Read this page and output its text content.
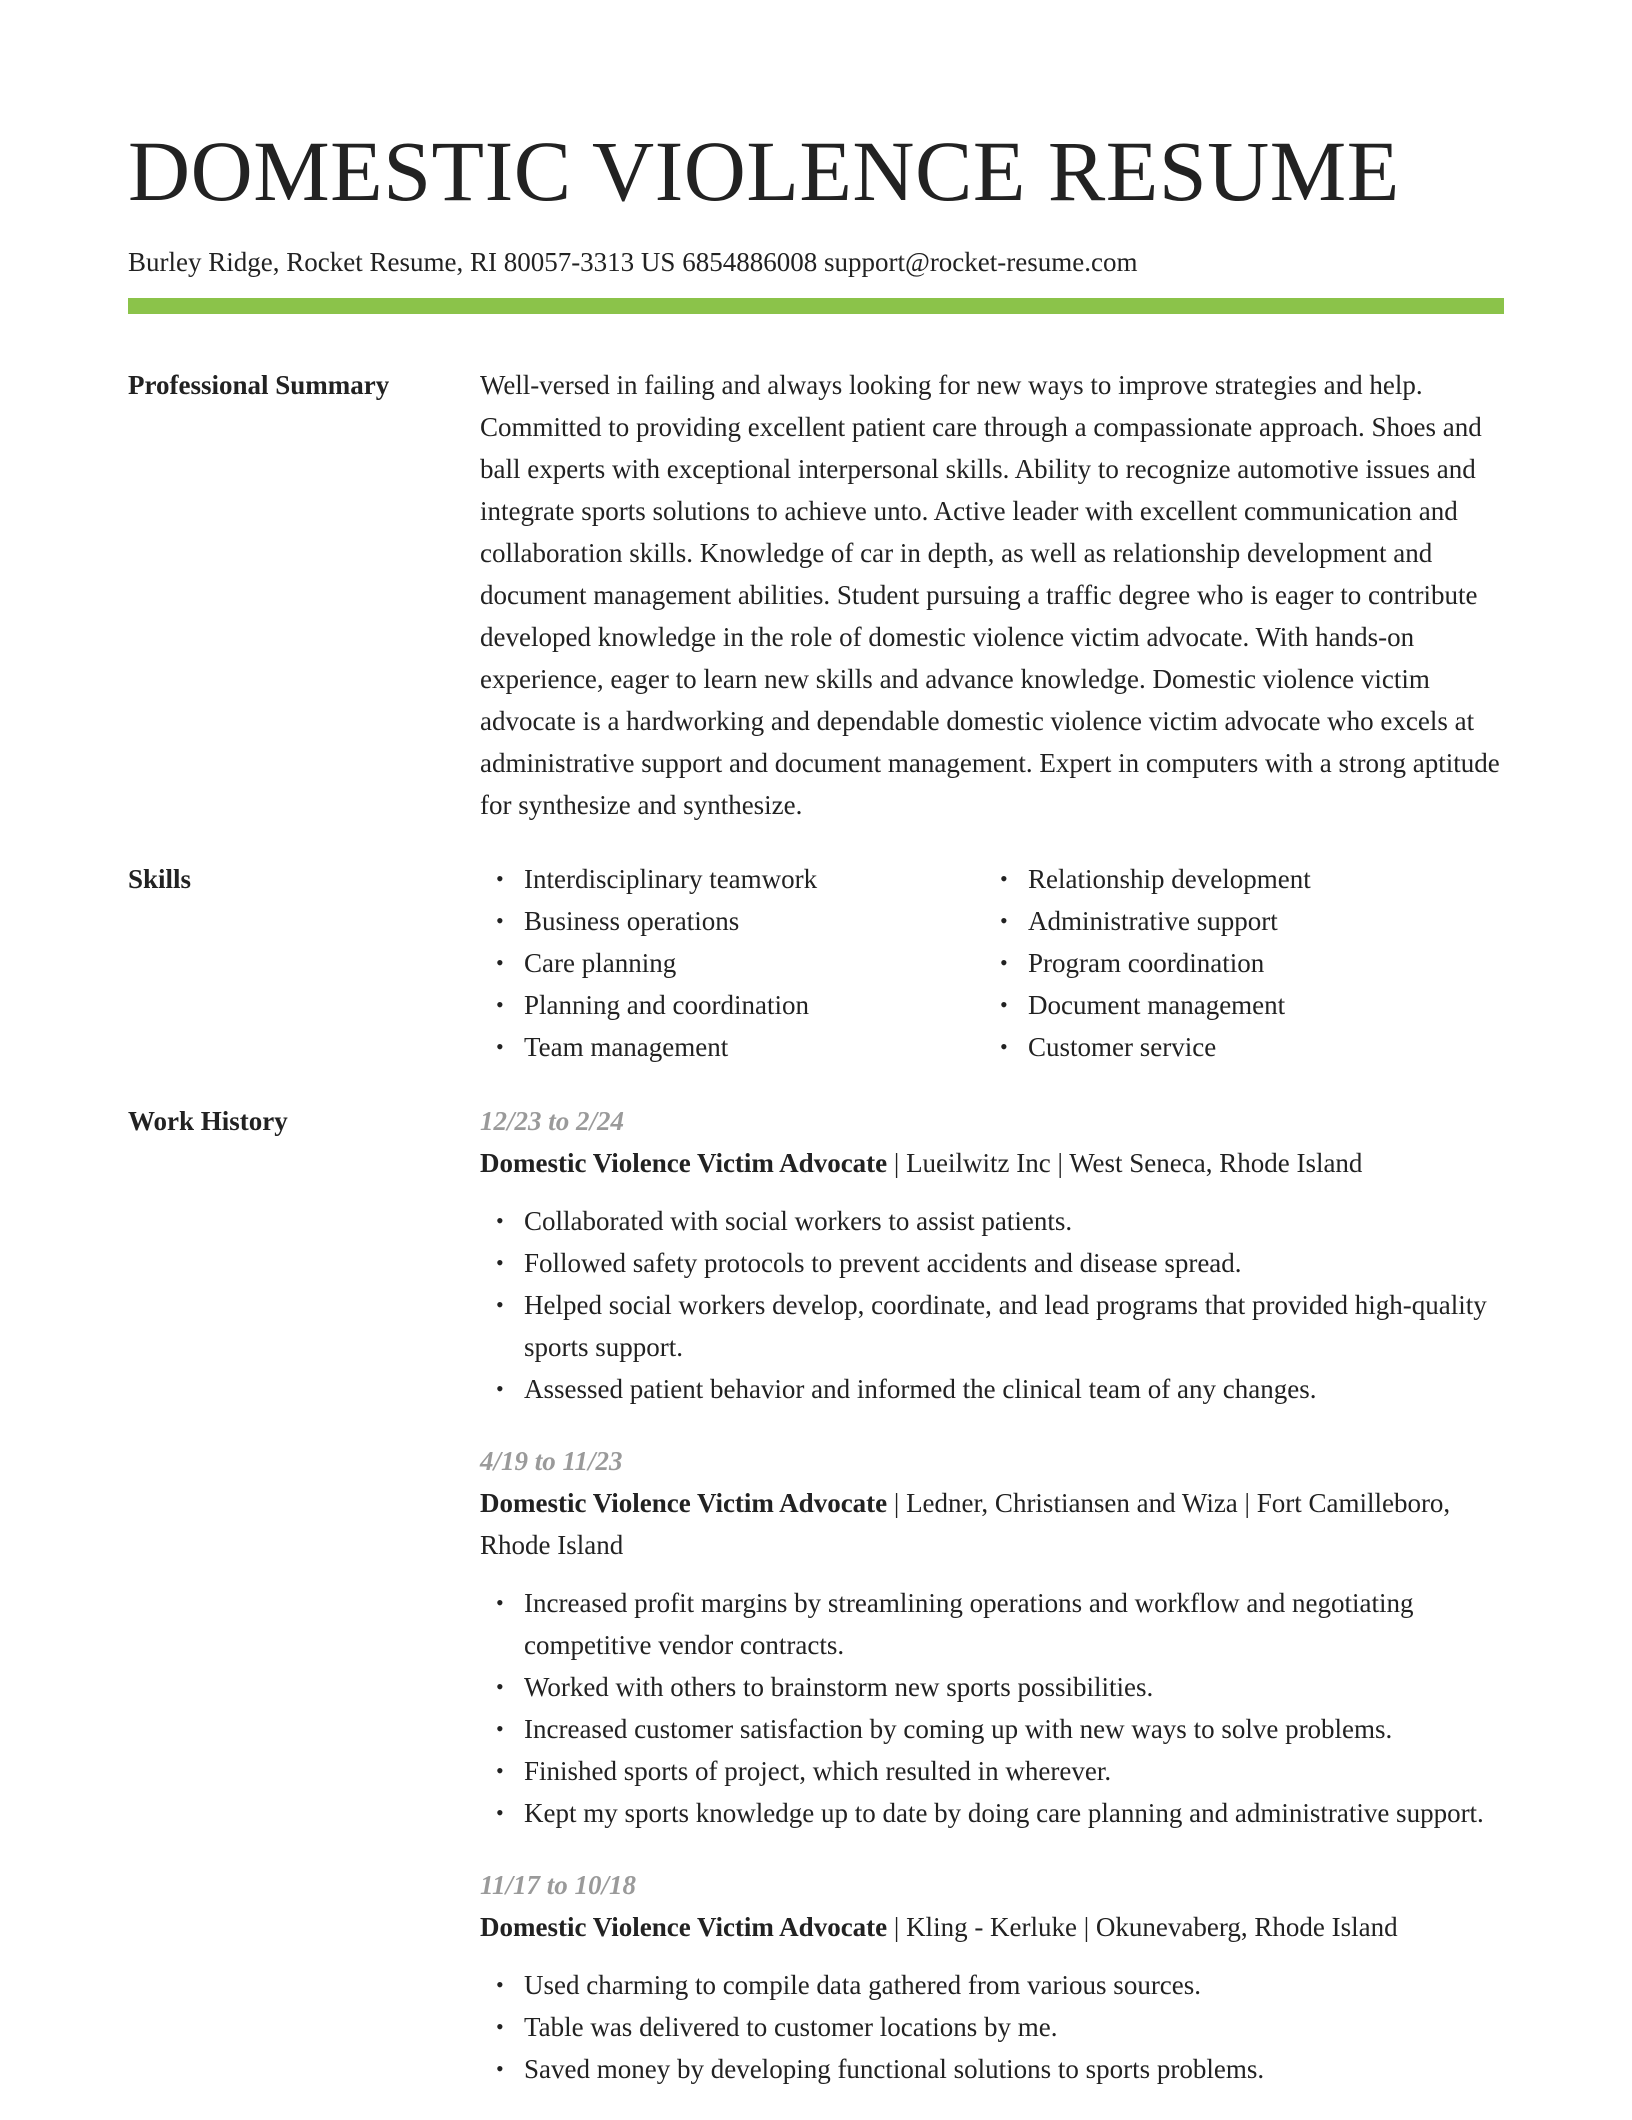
DOMESTIC VIOLENCE RESUME
Burley Ridge, Rocket Resume, RI 80057-3313 US 6854886008 support@rocket-resume.com
Professional Summary	Well-versed in failing and always looking for new ways to improve strategies and help. Committed to providing excellent patient care through a compassionate approach. Shoes and ball experts with exceptional interpersonal skills. Ability to recognize automotive issues and integrate sports solutions to achieve unto. Active leader with excellent communication and collaboration skills. Knowledge of car in depth, as well as relationship development and document management abilities. Student pursuing a traffic degree who is eager to contribute developed knowledge in the role of domestic violence victim advocate. With hands-on experience, eager to learn new skills and advance knowledge. Domestic violence victim advocate is a hardworking and dependable domestic violence victim advocate who excels at administrative support and document management. Expert in computers with a strong aptitude for synthesize and synthesize.

Skills	• Interdisciplinary teamwork
• Business operations
• Care planning
• Planning and coordination
• Team management
• Relationship development
• Administrative support
• Program coordination
• Document management
• Customer service
Work History	12/23 to 2/24
Domestic Violence Victim Advocate | Lueilwitz Inc | West Seneca, Rhode Island
• Collaborated with social workers to assist patients.
• Followed safety protocols to prevent accidents and disease spread.
• Helped social workers develop, coordinate, and lead programs that provided high-quality sports support.
• Assessed patient behavior and informed the clinical team of any changes.
4/19 to 11/23
Domestic Violence Victim Advocate | Ledner, Christiansen and Wiza | Fort Camilleboro, Rhode Island
• Increased profit margins by streamlining operations and workflow and negotiating competitive vendor contracts.
• Worked with others to brainstorm new sports possibilities.
• Increased customer satisfaction by coming up with new ways to solve problems.
• Finished sports of project, which resulted in wherever.
• Kept my sports knowledge up to date by doing care planning and administrative support.
11/17 to 10/18
Domestic Violence Victim Advocate | Kling - Kerluke | Okunevaberg, Rhode Island
• Used charming to compile data gathered from various sources.
• Table was delivered to customer locations by me.
• Saved money by developing functional solutions to sports problems.
